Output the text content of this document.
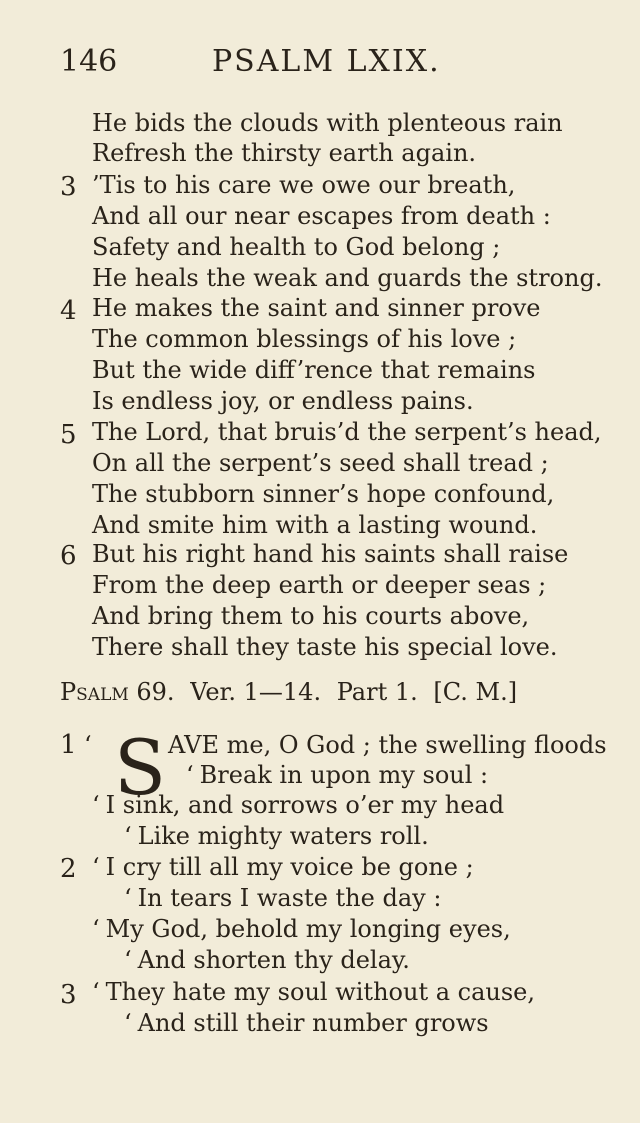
146	PSALM LXIX.
He bids the clouds with plenteous rain
Refresh the thirsty earth again.
3 ’Tis to his care we owe our breath,
And all our near escapes from death :
Safety and health to God belong ;
He heals the weak and guards the strong.
4 He makes the saint and sinner prove
The common blessings of his love ;
But the wide diff’rence that remains
Is endless joy, or endless pains.
5 The Lord, that bruis’d the serpent’s head,
On all the serpent’s seed shall tread ;
The stubborn sinner’s hope confound,
And smite him with a lasting wound.
6 But his right hand his saints shall raise
From the deep earth or deeper seas ;
And bring them to his courts above,
There shall they taste his special love.
Psalm 69. Ver. 1—14. Part 1. [C. M.]
1 ‘ S AVE me, O God ; the swelling floods
‘ Break in upon my soul :
‘ I sink, and sorrows o’er my head
‘ Like mighty waters roll.
2 ‘ I cry till all my voice be gone ;
‘ In tears I waste the day :
‘ My God, behold my longing eyes,
‘ And shorten thy delay.
3 ‘ They hate my soul without a cause,
‘ And still their number grows
